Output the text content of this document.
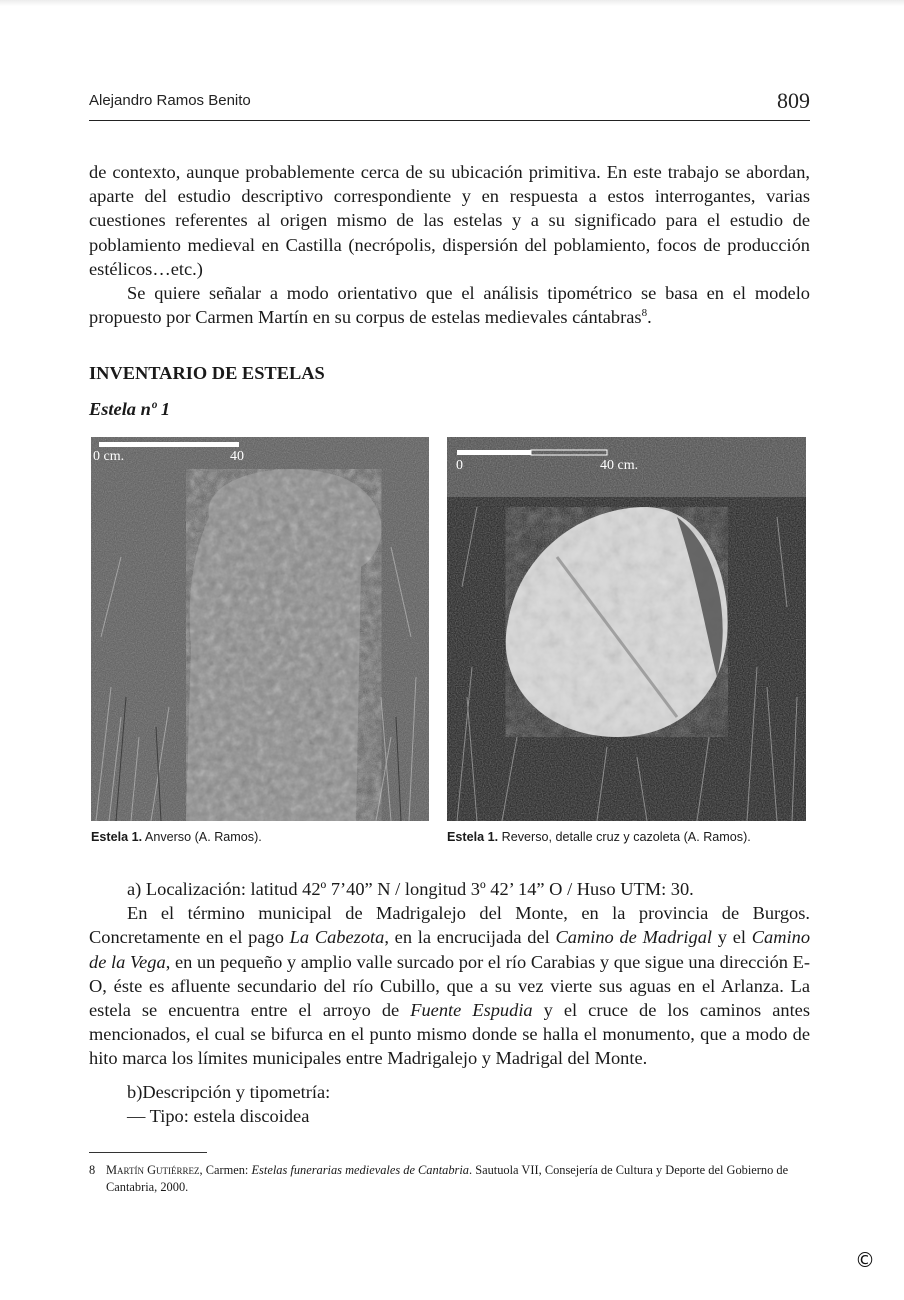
Alejandro Ramos Benito	809

de contexto, aunque probablemente cerca de su ubicación primitiva. En este trabajo se abordan, aparte del estudio descriptivo correspondiente y en respuesta a estos interrogantes, varias cuestiones referentes al origen mismo de las estelas y a su significado para el estudio de poblamiento medieval en Castilla (necrópolis, dispersión del poblamiento, focos de producción estélicos…etc.)

Se quiere señalar a modo orientativo que el análisis tipométrico se basa en el modelo propuesto por Carmen Martín en su corpus de estelas medievales cántabras$^8$.

INVENTARIO DE ESTELAS
Estela nº 1
0 cm.	40
0	40 cm.
Estela 1. Anverso (A. Ramos).	Estela 1. Reverso, detalle cruz y cazoleta (A. Ramos).

a) Localización: latitud 42º 7’40” N / longitud 3º 42’ 14” O / Huso UTM: 30.

En el término municipal de Madrigalejo del Monte, en la provincia de Burgos. Concretamente en el pago La Cabezota, en la encrucijada del Camino de Madrigal y el Camino de la Vega, en un pequeño y amplio valle surcado por el río Carabias y que sigue una dirección E-O, éste es afluente secundario del río Cubillo, que a su vez vierte sus aguas en el Arlanza. La estela se encuentra entre el arroyo de Fuente Espudia y el cruce de los caminos antes mencionados, el cual se bifurca en el punto mismo donde se halla el monumento, que a modo de hito marca los límites municipales entre Madrigalejo y Madrigal del Monte.

b)Descripción y tipometría:

— Tipo: estela discoidea

8 Martín Gutiérrez, Carmen: Estelas funerarias medievales de Cantabria. Sautuola VII, Consejería de Cultura y Deporte del Gobierno de Cantabria, 2000.

©
